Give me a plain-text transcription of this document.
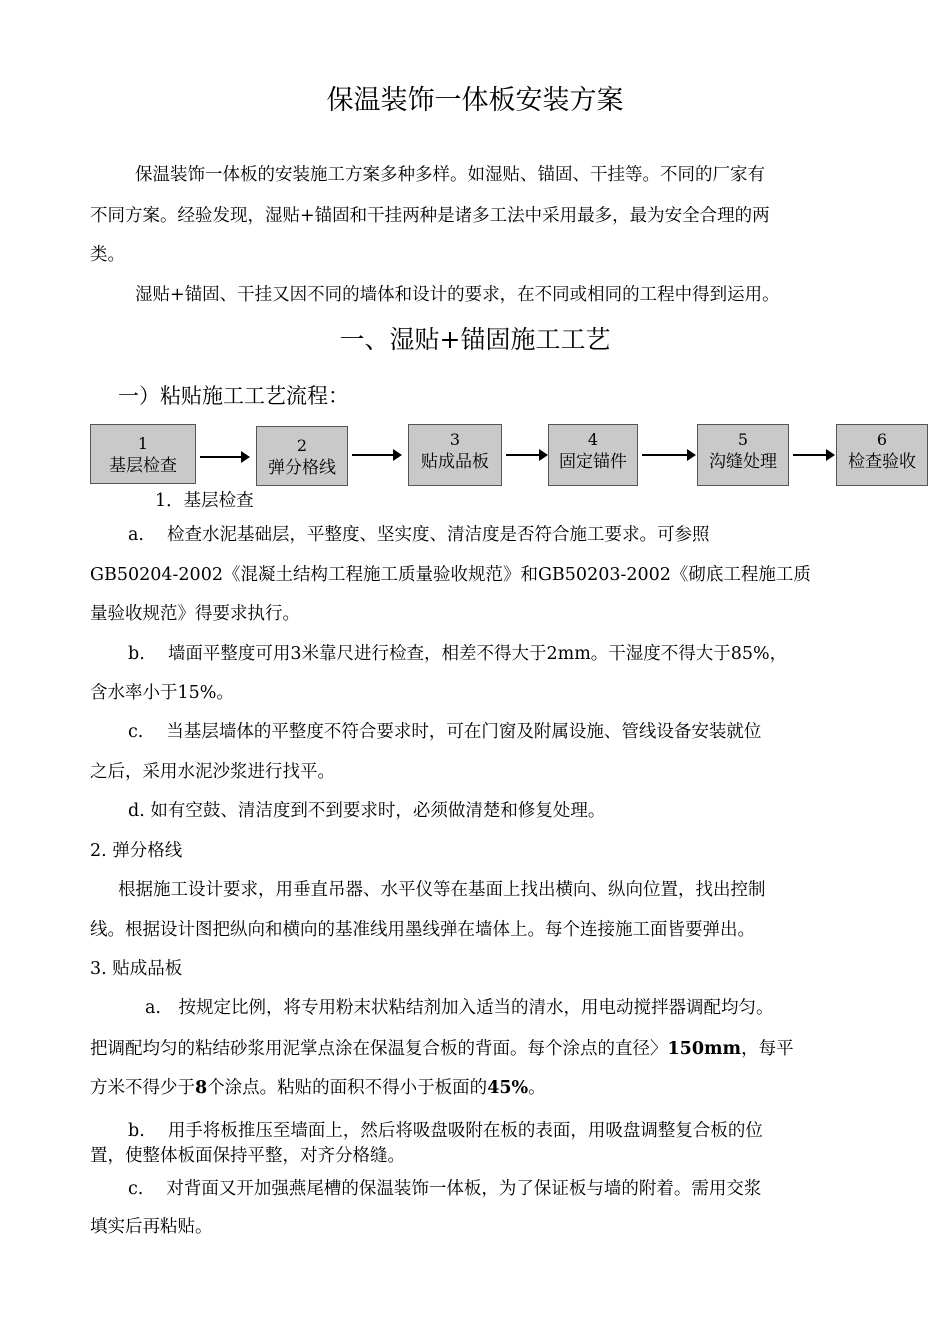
保温装饰一体板安装方案
保温装饰一体板的安装施工方案多种多样。如湿贴、锚固、干挂等。不同的厂家有
不同方案。经验发现，湿贴+锚固和干挂两种是诸多工法中采用最多，最为安全合理的两
类。
湿贴+锚固、干挂又因不同的墙体和设计的要求，在不同或相同的工程中得到运用。
一、湿贴+锚固施工工艺
一）粘贴施工工艺流程：
1
基层检查
2
弹分格线
3
贴成品板
4
固定锚件
5
沟缝处理
6
检查验收
1．基层检查
a.　 检查水泥基础层，平整度、坚实度、清洁度是否符合施工要求。可参照
GB50204-2002《混凝土结构工程施工质量验收规范》和GB50203-2002《砌底工程施工质
量验收规范》得要求执行。
b.　 墙面平整度可用3米靠尺进行检查，相差不得大于2mm。干湿度不得大于85%，
含水率小于15%。
c.　 当基层墙体的平整度不符合要求时，可在门窗及附属设施、管线设备安装就位
之后，采用水泥沙浆进行找平。
d. 如有空鼓、清洁度到不到要求时，必须做清楚和修复处理。
2. 弹分格线
根据施工设计要求，用垂直吊器、水平仪等在基面上找出横向、纵向位置，找出控制
线。根据设计图把纵向和横向的基准线用墨线弹在墙体上。每个连接施工面皆要弹出。
3. 贴成品板
a.　按规定比例，将专用粉末状粘结剂加入适当的清水，用电动搅拌器调配均匀。
把调配均匀的粘结砂浆用泥掌点涂在保温复合板的背面。每个涂点的直径〉150mm，每平
方米不得少于8个涂点。粘贴的面积不得小于板面的45%。
b.　 用手将板推压至墙面上，然后将吸盘吸附在板的表面，用吸盘调整复合板的位
置，使整体板面保持平整，对齐分格缝。
c.　 对背面又开加强燕尾槽的保温装饰一体板，为了保证板与墙的附着。需用交浆
填实后再粘贴。
